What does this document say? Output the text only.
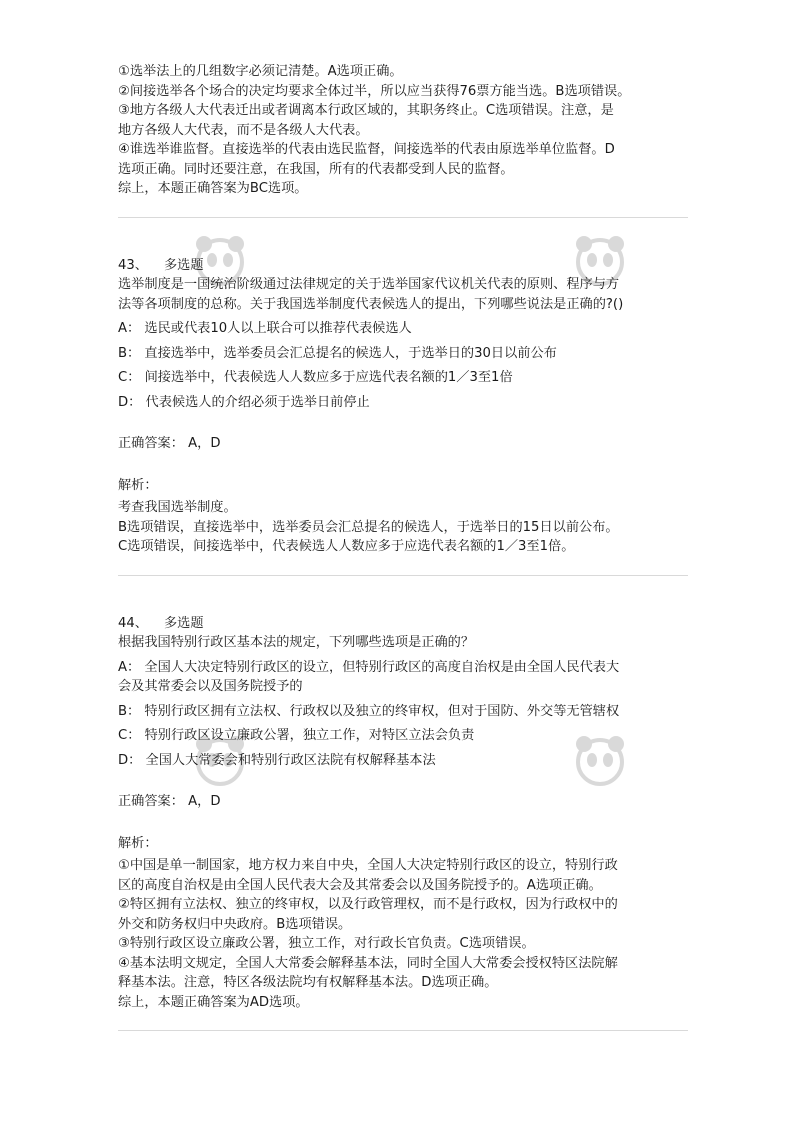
①选举法上的几组数字必须记清楚。A选项正确。
②间接选举各个场合的决定均要求全体过半，所以应当获得76票方能当选。B选项错误。
③地方各级人大代表迁出或者调离本行政区域的，其职务终止。C选项错误。注意，是
地方各级人大代表，而不是各级人大代表。
④谁选举谁监督。直接选举的代表由选民监督，间接选举的代表由原选举单位监督。D
选项正确。同时还要注意，在我国，所有的代表都受到人民的监督。
综上，本题正确答案为BC选项。
43、 多选题
选举制度是一国统治阶级通过法律规定的关于选举国家代议机关代表的原则、程序与方
法等各项制度的总称。关于我国选举制度代表候选人的提出，下列哪些说法是正确的?()
A： 选民或代表10人以上联合可以推荐代表候选人
B： 直接选举中，选举委员会汇总提名的候选人，于选举日的30日以前公布
C： 间接选举中，代表候选人人数应多于应选代表名额的1／3至1倍
D： 代表候选人的介绍必须于选举日前停止
正确答案： A，D
解析：
考查我国选举制度。
B选项错误，直接选举中，选举委员会汇总提名的候选人，于选举日的15日以前公布。
C选项错误，间接选举中，代表候选人人数应多于应选代表名额的1／3至1倍。
44、 多选题
根据我国特别行政区基本法的规定，下列哪些选项是正确的？
A： 全国人大决定特别行政区的设立，但特别行政区的高度自治权是由全国人民代表大
会及其常委会以及国务院授予的
B： 特别行政区拥有立法权、行政权以及独立的终审权，但对于国防、外交等无管辖权
C： 特别行政区设立廉政公署，独立工作，对特区立法会负责
D： 全国人大常委会和特别行政区法院有权解释基本法
正确答案： A，D
解析：
①中国是单一制国家，地方权力来自中央，全国人大决定特别行政区的设立，特别行政
区的高度自治权是由全国人民代表大会及其常委会以及国务院授予的。A选项正确。
②特区拥有立法权、独立的终审权，以及行政管理权，而不是行政权，因为行政权中的
外交和防务权归中央政府。B选项错误。
③特别行政区设立廉政公署，独立工作，对行政长官负责。C选项错误。
④基本法明文规定，全国人大常委会解释基本法，同时全国人大常委会授权特区法院解
释基本法。注意，特区各级法院均有权解释基本法。D选项正确。
综上，本题正确答案为AD选项。
